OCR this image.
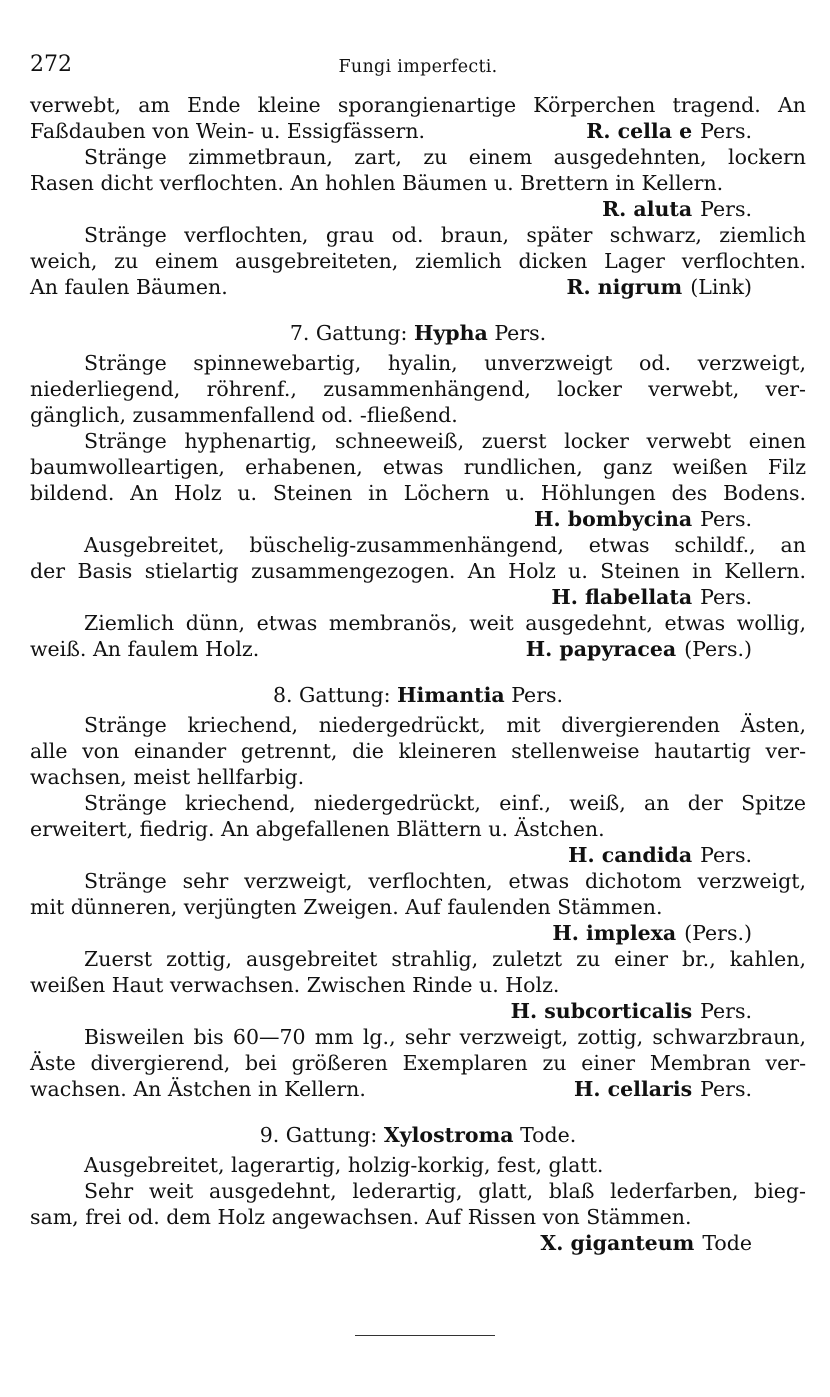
272	Fungi imperfecti.
verwebt, am Ende kleine sporangienartige Körperchen tragend. An
Faßdauben von Wein- u. Essigfässern.	R. cella e Pers.
Stränge zimmetbraun, zart, zu einem ausgedehnten, lockern
Rasen dicht verflochten. An hohlen Bäumen u. Brettern in Kellern.
R. aluta Pers.
Stränge verflochten, grau od. braun, später schwarz, ziemlich
weich, zu einem ausgebreiteten, ziemlich dicken Lager verflochten.
An faulen Bäumen.	R. nigrum (Link)
7. Gattung: Hypha Pers.
Stränge spinnewebartig, hyalin, unverzweigt od. verzweigt,
niederliegend, röhrenf., zusammenhängend, locker verwebt, ver-
gänglich, zusammenfallend od. -fließend.
Stränge hyphenartig, schneeweiß, zuerst locker verwebt einen
baumwolleartigen, erhabenen, etwas rundlichen, ganz weißen Filz
bildend. An Holz u. Steinen in Löchern u. Höhlungen des Bodens.
H. bombycina Pers.
Ausgebreitet, büschelig-zusammenhängend, etwas schildf., an
der Basis stielartig zusammengezogen. An Holz u. Steinen in Kellern.
H. flabellata Pers.
Ziemlich dünn, etwas membranös, weit ausgedehnt, etwas wollig,
weiß. An faulem Holz.	H. papyracea (Pers.)
8. Gattung: Himantia Pers.
Stränge kriechend, niedergedrückt, mit divergierenden Ästen,
alle von einander getrennt, die kleineren stellenweise hautartig ver-
wachsen, meist hellfarbig.
Stränge kriechend, niedergedrückt, einf., weiß, an der Spitze
erweitert, fiedrig. An abgefallenen Blättern u. Ästchen.
H. candida Pers.
Stränge sehr verzweigt, verflochten, etwas dichotom verzweigt,
mit dünneren, verjüngten Zweigen. Auf faulenden Stämmen.
H. implexa (Pers.)
Zuerst zottig, ausgebreitet strahlig, zuletzt zu einer br., kahlen,
weißen Haut verwachsen. Zwischen Rinde u. Holz.
H. subcorticalis Pers.
Bisweilen bis 60—70 mm lg., sehr verzweigt, zottig, schwarzbraun,
Äste divergierend, bei größeren Exemplaren zu einer Membran ver-
wachsen. An Ästchen in Kellern.	H. cellaris Pers.
9. Gattung: Xylostroma Tode.
Ausgebreitet, lagerartig, holzig-korkig, fest, glatt.
Sehr weit ausgedehnt, lederartig, glatt, blaß lederfarben, bieg-
sam, frei od. dem Holz angewachsen. Auf Rissen von Stämmen.
X. giganteum Tode
